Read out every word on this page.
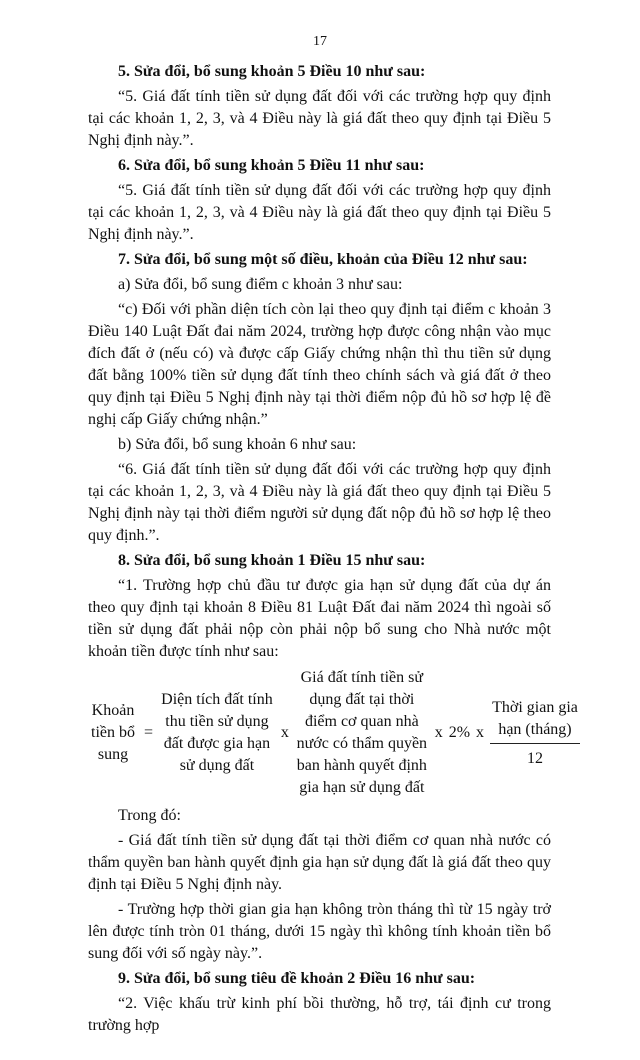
17

5. Sửa đổi, bổ sung khoản 5 Điều 10 như sau:

“5. Giá đất tính tiền sử dụng đất đối với các trường hợp quy định tại các khoản 1, 2, 3, và 4 Điều này là giá đất theo quy định tại Điều 5 Nghị định này.”.

6. Sửa đổi, bổ sung khoản 5 Điều 11 như sau:

“5. Giá đất tính tiền sử dụng đất đối với các trường hợp quy định tại các khoản 1, 2, 3, và 4 Điều này là giá đất theo quy định tại Điều 5 Nghị định này.”.

7. Sửa đổi, bổ sung một số điều, khoản của Điều 12 như sau:

a) Sửa đổi, bổ sung điểm c khoản 3 như sau:

“c) Đối với phần diện tích còn lại theo quy định tại điểm c khoản 3 Điều 140 Luật Đất đai năm 2024, trường hợp được công nhận vào mục đích đất ở (nếu có) và được cấp Giấy chứng nhận thì thu tiền sử dụng đất bằng 100% tiền sử dụng đất tính theo chính sách và giá đất ở theo quy định tại Điều 5 Nghị định này tại thời điểm nộp đủ hồ sơ hợp lệ đề nghị cấp Giấy chứng nhận.”

b) Sửa đổi, bổ sung khoản 6 như sau:

“6. Giá đất tính tiền sử dụng đất đối với các trường hợp quy định tại các khoản 1, 2, 3, và 4 Điều này là giá đất theo quy định tại Điều 5 Nghị định này tại thời điểm người sử dụng đất nộp đủ hồ sơ hợp lệ theo quy định.”.

8. Sửa đổi, bổ sung khoản 1 Điều 15 như sau:

“1. Trường hợp chủ đầu tư được gia hạn sử dụng đất của dự án theo quy định tại khoản 8 Điều 81 Luật Đất đai năm 2024 thì ngoài số tiền sử dụng đất phải nộp còn phải nộp bổ sung cho Nhà nước một khoản tiền được tính như sau:

Khoản tiền bổ sung
=
Diện tích đất tính thu tiền sử dụng đất được gia hạn sử dụng đất
x
Giá đất tính tiền sử dụng đất tại thời điểm cơ quan nhà nước có thẩm quyền ban hành quyết định gia hạn sử dụng đất
x 2% x $\frac{\text{Thời gian gia hạn (tháng)}}{12}$

Trong đó:

- Giá đất tính tiền sử dụng đất tại thời điểm cơ quan nhà nước có thẩm quyền ban hành quyết định gia hạn sử dụng đất là giá đất theo quy định tại Điều 5 Nghị định này.

- Trường hợp thời gian gia hạn không tròn tháng thì từ 15 ngày trở lên được tính tròn 01 tháng, dưới 15 ngày thì không tính khoản tiền bổ sung đối với số ngày này.”.

9. Sửa đổi, bổ sung tiêu đề khoản 2 Điều 16 như sau:

“2. Việc khấu trừ kinh phí bồi thường, hỗ trợ, tái định cư trong trường hợp
